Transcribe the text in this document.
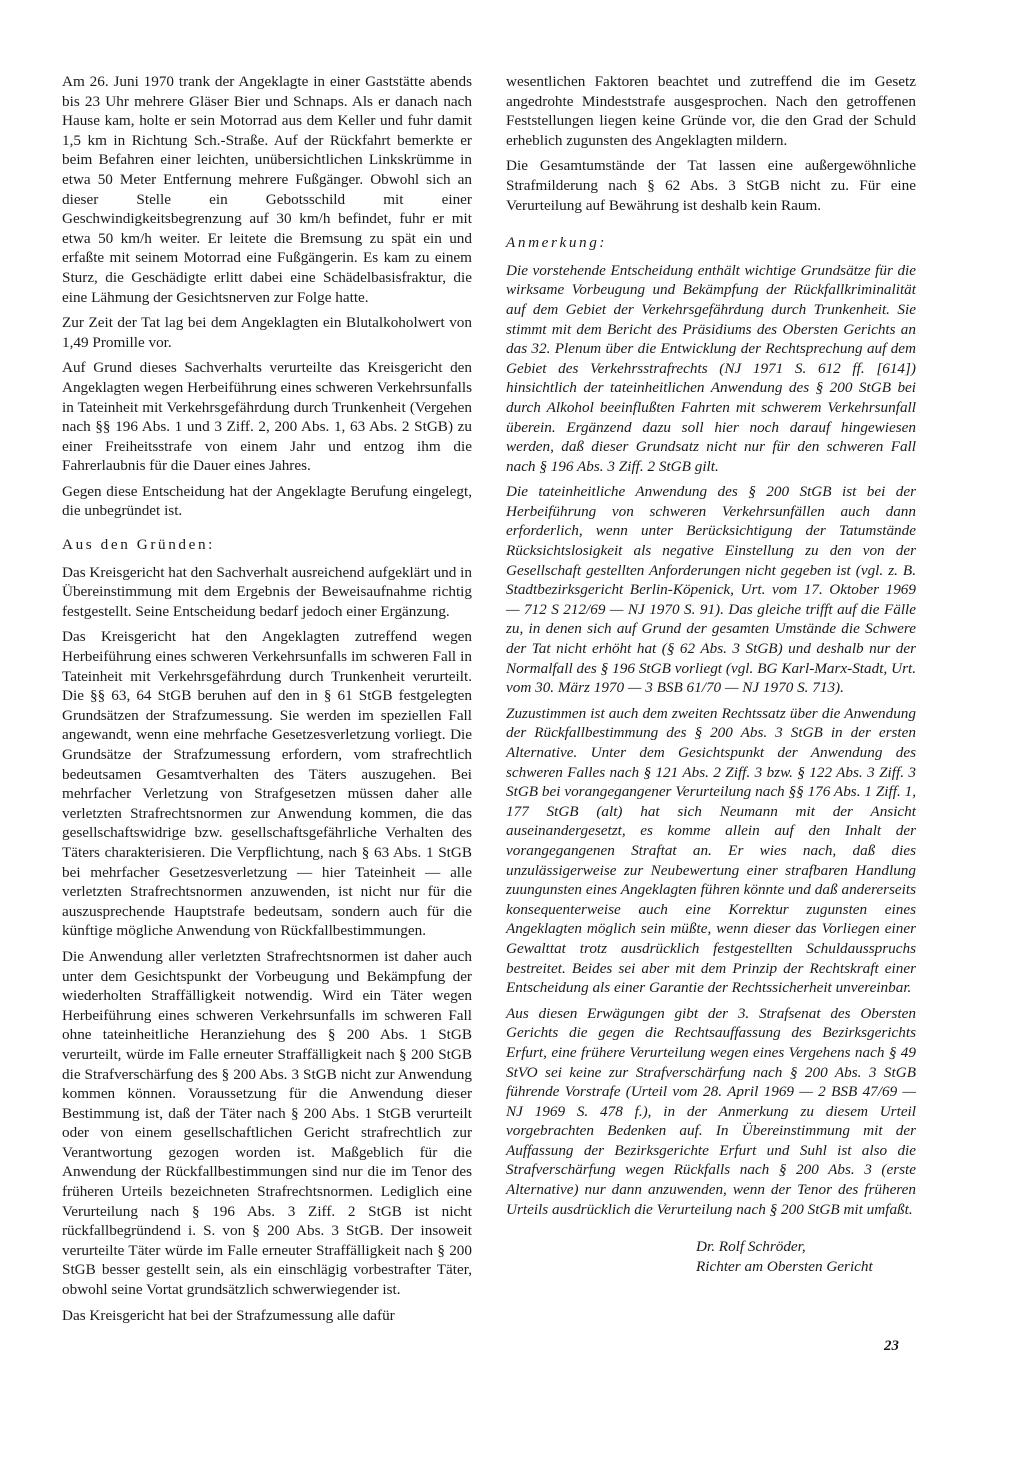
Am 26. Juni 1970 trank der Angeklagte in einer Gaststätte abends bis 23 Uhr mehrere Gläser Bier und Schnaps. Als er danach nach Hause kam, holte er sein Motorrad aus dem Keller und fuhr damit 1,5 km in Richtung Sch.-Straße. Auf der Rückfahrt bemerkte er beim Befahren einer leichten, unübersichtlichen Linkskrümme in etwa 50 Meter Entfernung mehrere Fußgänger. Obwohl sich an dieser Stelle ein Gebotsschild mit einer Geschwindigkeitsbegrenzung auf 30 km/h befindet, fuhr er mit etwa 50 km/h weiter. Er leitete die Bremsung zu spät ein und erfaßte mit seinem Motorrad eine Fußgängerin. Es kam zu einem Sturz, die Geschädigte erlitt dabei eine Schädelbasisfraktur, die eine Lähmung der Gesichtsnerven zur Folge hatte.

Zur Zeit der Tat lag bei dem Angeklagten ein Blutalkoholwert von 1,49 Promille vor.

Auf Grund dieses Sachverhalts verurteilte das Kreisgericht den Angeklagten wegen Herbeiführung eines schweren Verkehrsunfalls in Tateinheit mit Verkehrsgefährdung durch Trunkenheit (Vergehen nach §§ 196 Abs. 1 und 3 Ziff. 2, 200 Abs. 1, 63 Abs. 2 StGB) zu einer Freiheitsstrafe von einem Jahr und entzog ihm die Fahrerlaubnis für die Dauer eines Jahres.

Gegen diese Entscheidung hat der Angeklagte Berufung eingelegt, die unbegründet ist.

Aus den Gründen:

Das Kreisgericht hat den Sachverhalt ausreichend aufgeklärt und in Übereinstimmung mit dem Ergebnis der Beweisaufnahme richtig festgestellt. Seine Entscheidung bedarf jedoch einer Ergänzung.

Das Kreisgericht hat den Angeklagten zutreffend wegen Herbeiführung eines schweren Verkehrsunfalls im schweren Fall in Tateinheit mit Verkehrsgefährdung durch Trunkenheit verurteilt. Die §§ 63, 64 StGB beruhen auf den in § 61 StGB festgelegten Grundsätzen der Strafzumessung. Sie werden im speziellen Fall angewandt, wenn eine mehrfache Gesetzesverletzung vorliegt. Die Grundsätze der Strafzumessung erfordern, vom strafrechtlich bedeutsamen Gesamtverhalten des Täters auszugehen. Bei mehrfacher Verletzung von Strafgesetzen müssen daher alle verletzten Strafrechtsnormen zur Anwendung kommen, die das gesellschaftswidrige bzw. gesellschaftsgefährliche Verhalten des Täters charakterisieren. Die Verpflichtung, nach § 63 Abs. 1 StGB bei mehrfacher Gesetzesverletzung — hier Tateinheit — alle verletzten Strafrechtsnormen anzuwenden, ist nicht nur für die auszusprechende Hauptstrafe bedeutsam, sondern auch für die künftige mögliche Anwendung von Rückfallbestimmungen.

Die Anwendung aller verletzten Strafrechtsnormen ist daher auch unter dem Gesichtspunkt der Vorbeugung und Bekämpfung der wiederholten Straffälligkeit notwendig. Wird ein Täter wegen Herbeiführung eines schweren Verkehrsunfalls im schweren Fall ohne tateinheitliche Heranziehung des § 200 Abs. 1 StGB verurteilt, würde im Falle erneuter Straffälligkeit nach § 200 StGB die Strafverschärfung des § 200 Abs. 3 StGB nicht zur Anwendung kommen können. Voraussetzung für die Anwendung dieser Bestimmung ist, daß der Täter nach § 200 Abs. 1 StGB verurteilt oder von einem gesellschaftlichen Gericht strafrechtlich zur Verantwortung gezogen worden ist. Maßgeblich für die Anwendung der Rückfallbestimmungen sind nur die im Tenor des früheren Urteils bezeichneten Strafrechtsnormen. Lediglich eine Verurteilung nach § 196 Abs. 3 Ziff. 2 StGB ist nicht rückfallbegründend i. S. von § 200 Abs. 3 StGB. Der insoweit verurteilte Täter würde im Falle erneuter Straffälligkeit nach § 200 StGB besser gestellt sein, als ein einschlägig vorbestrafter Täter, obwohl seine Vortat grundsätzlich schwerwiegender ist.

Das Kreisgericht hat bei der Strafzumessung alle dafür

wesentlichen Faktoren beachtet und zutreffend die im Gesetz angedrohte Mindeststrafe ausgesprochen. Nach den getroffenen Feststellungen liegen keine Gründe vor, die den Grad der Schuld erheblich zugunsten des Angeklagten mildern.

Die Gesamtumstände der Tat lassen eine außergewöhnliche Strafmilderung nach § 62 Abs. 3 StGB nicht zu. Für eine Verurteilung auf Bewährung ist deshalb kein Raum.

Anmerkung:

Die vorstehende Entscheidung enthält wichtige Grundsätze für die wirksame Vorbeugung und Bekämpfung der Rückfallkriminalität auf dem Gebiet der Verkehrsgefährdung durch Trunkenheit. Sie stimmt mit dem Bericht des Präsidiums des Obersten Gerichts an das 32. Plenum über die Entwicklung der Rechtsprechung auf dem Gebiet des Verkehrsstrafrechts (NJ 1971 S. 612 ff. [614]) hinsichtlich der tateinheitlichen Anwendung des § 200 StGB bei durch Alkohol beeinflußten Fahrten mit schwerem Verkehrsunfall überein. Ergänzend dazu soll hier noch darauf hingewiesen werden, daß dieser Grundsatz nicht nur für den schweren Fall nach § 196 Abs. 3 Ziff. 2 StGB gilt.

Die tateinheitliche Anwendung des § 200 StGB ist bei der Herbeiführung von schweren Verkehrsunfällen auch dann erforderlich, wenn unter Berücksichtigung der Tatumstände Rücksichtslosigkeit als negative Einstellung zu den von der Gesellschaft gestellten Anforderungen nicht gegeben ist (vgl. z. B. Stadtbezirksgericht Berlin-Köpenick, Urt. vom 17. Oktober 1969 — 712 S 212/69 — NJ 1970 S. 91). Das gleiche trifft auf die Fälle zu, in denen sich auf Grund der gesamten Umstände die Schwere der Tat nicht erhöht hat (§ 62 Abs. 3 StGB) und deshalb nur der Normalfall des § 196 StGB vorliegt (vgl. BG Karl-Marx-Stadt, Urt. vom 30. März 1970 — 3 BSB 61/70 — NJ 1970 S. 713).

Zuzustimmen ist auch dem zweiten Rechtssatz über die Anwendung der Rückfallbestimmung des § 200 Abs. 3 StGB in der ersten Alternative. Unter dem Gesichtspunkt der Anwendung des schweren Falles nach § 121 Abs. 2 Ziff. 3 bzw. § 122 Abs. 3 Ziff. 3 StGB bei vorangegangener Verurteilung nach §§ 176 Abs. 1 Ziff. 1, 177 StGB (alt) hat sich Neumann mit der Ansicht auseinandergesetzt, es komme allein auf den Inhalt der vorangegangenen Straftat an. Er wies nach, daß dies unzulässigerweise zur Neubewertung einer strafbaren Handlung zuungunsten eines Angeklagten führen könnte und daß andererseits konsequenterweise auch eine Korrektur zugunsten eines Angeklagten möglich sein müßte, wenn dieser das Vorliegen einer Gewalttat trotz ausdrücklich festgestellten Schuldausspruchs bestreitet. Beides sei aber mit dem Prinzip der Rechtskraft einer Entscheidung als einer Garantie der Rechtssicherheit unvereinbar.

Aus diesen Erwägungen gibt der 3. Strafsenat des Obersten Gerichts die gegen die Rechtsauffassung des Bezirksgerichts Erfurt, eine frühere Verurteilung wegen eines Vergehens nach § 49 StVO sei keine zur Strafverschärfung nach § 200 Abs. 3 StGB führende Vorstrafe (Urteil vom 28. April 1969 — 2 BSB 47/69 — NJ 1969 S. 478 f.), in der Anmerkung zu diesem Urteil vorgebrachten Bedenken auf. In Übereinstimmung mit der Auffassung der Bezirksgerichte Erfurt und Suhl ist also die Strafverschärfung wegen Rückfalls nach § 200 Abs. 3 (erste Alternative) nur dann anzuwenden, wenn der Tenor des früheren Urteils ausdrücklich die Verurteilung nach § 200 StGB mit umfaßt.

Dr. Rolf Schröder,
Richter am Obersten Gericht
23
